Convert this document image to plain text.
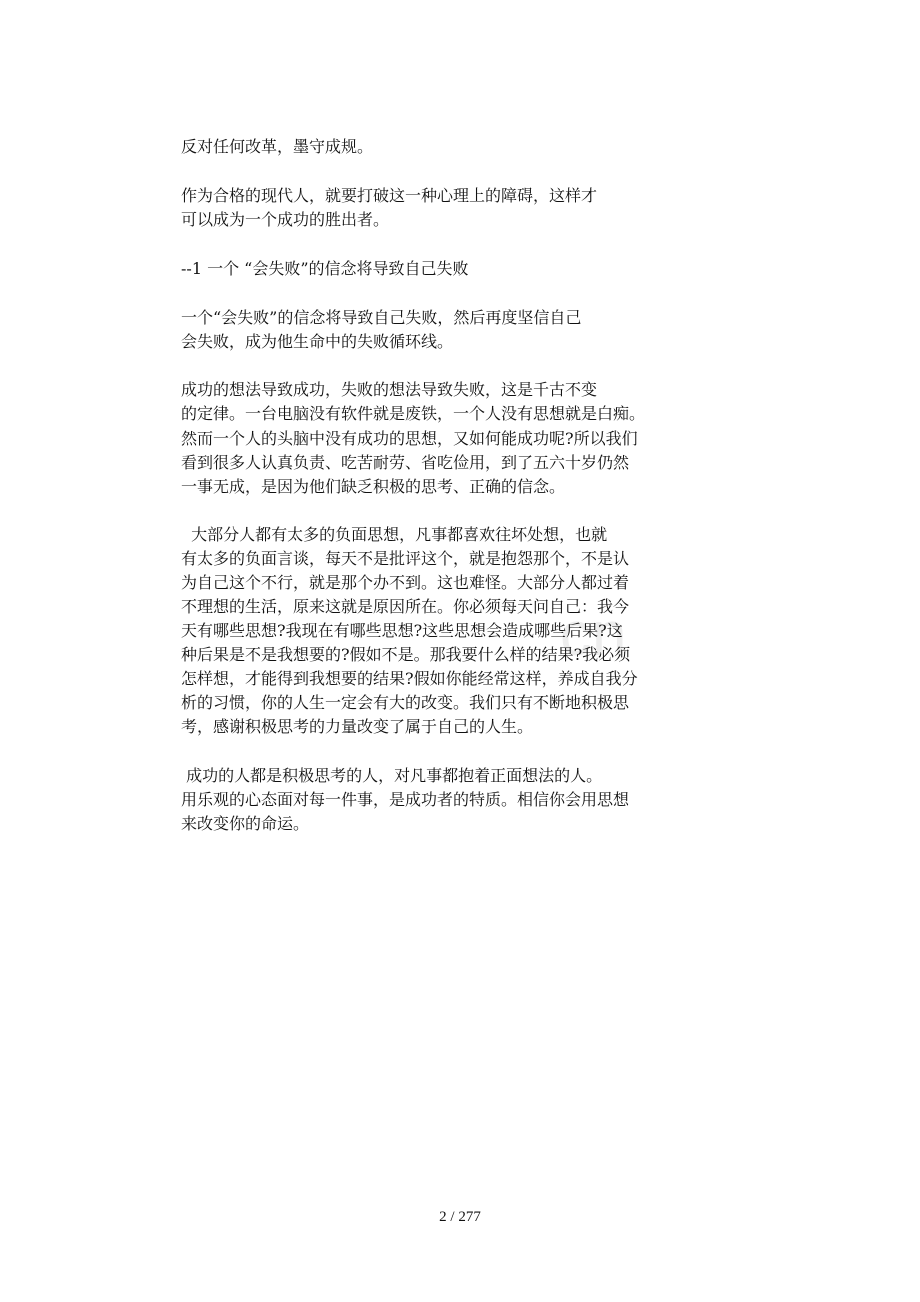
cn
反对任何改革，墨守成规。
作为合格的现代人，就要打破这一种心理上的障碍，这样才
可以成为一个成功的胜出者。
--1 一个 “会失败”的信念将导致自己失败
一个“会失败”的信念将导致自己失败，然后再度坚信自己
会失败，成为他生命中的失败循环线。
成功的想法导致成功，失败的想法导致失败，这是千古不变
的定律。一台电脑没有软件就是废铁，一个人没有思想就是白痴。
然而一个人的头脑中没有成功的思想，又如何能成功呢?所以我们
看到很多人认真负责、吃苦耐劳、省吃俭用，到了五六十岁仍然
一事无成，是因为他们缺乏积极的思考、正确的信念。
大部分人都有太多的负面思想，凡事都喜欢往坏处想，也就
有太多的负面言谈，每天不是批评这个，就是抱怨那个，不是认
为自己这个不行，就是那个办不到。这也难怪。大部分人都过着
不理想的生活，原来这就是原因所在。你必须每天问自己：我今
天有哪些思想?我现在有哪些思想?这些思想会造成哪些后果?这
种后果是不是我想要的?假如不是。那我要什么样的结果?我必须
怎样想，才能得到我想要的结果?假如你能经常这样，养成自我分
析的习惯，你的人生一定会有大的改变。我们只有不断地积极思
考，感谢积极思考的力量改变了属于自己的人生。
成功的人都是积极思考的人，对凡事都抱着正面想法的人。
用乐观的心态面对每一件事，是成功者的特质。相信你会用思想
来改变你的命运。
2 / 277
